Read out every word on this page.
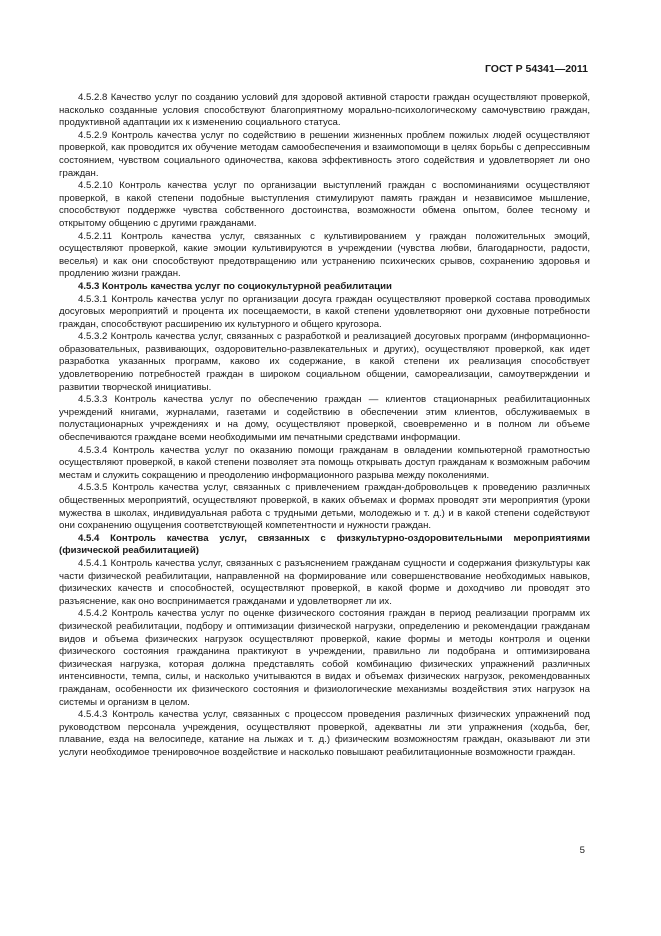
ГОСТ Р 54341—2011

4.5.2.8 Качество услуг по созданию условий для здоровой активной старости граждан осуществляют проверкой, насколько созданные условия способствуют благоприятному морально-психологическому самочувствию граждан, продуктивной адаптации их к изменению социального статуса.

4.5.2.9 Контроль качества услуг по содействию в решении жизненных проблем пожилых людей осуществляют проверкой, как проводится их обучение методам самообеспечения и взаимопомощи в целях борьбы с депрессивным состоянием, чувством социального одиночества, какова эффективность этого содействия и удовлетворяет ли оно граждан.

4.5.2.10 Контроль качества услуг по организации выступлений граждан с воспоминаниями осуществляют проверкой, в какой степени подобные выступления стимулируют память граждан и независимое мышление, способствуют поддержке чувства собственного достоинства, возможности обмена опытом, более тесному и открытому общению с другими гражданами.

4.5.2.11 Контроль качества услуг, связанных с культивированием у граждан положительных эмоций, осуществляют проверкой, какие эмоции культивируются в учреждении (чувства любви, благодарности, радости, веселья) и как они способствуют предотвращению или устранению психических срывов, сохранению здоровья и продлению жизни граждан.

4.5.3 Контроль качества услуг по социокультурной реабилитации

4.5.3.1 Контроль качества услуг по организации досуга граждан осуществляют проверкой состава проводимых досуговых мероприятий и процента их посещаемости, в какой степени удовлетворяют они духовные потребности граждан, способствуют расширению их культурного и общего кругозора.

4.5.3.2 Контроль качества услуг, связанных с разработкой и реализацией досуговых программ (информационно-образовательных, развивающих, оздоровительно-развлекательных и других), осуществляют проверкой, как идет разработка указанных программ, каково их содержание, в какой степени их реализация способствует удовлетворению потребностей граждан в широком социальном общении, самореализации, самоутверждении и развитии творческой инициативы.

4.5.3.3 Контроль качества услуг по обеспечению граждан — клиентов стационарных реабилитационных учреждений книгами, журналами, газетами и содействию в обеспечении этим клиентов, обслуживаемых в полустационарных учреждениях и на дому, осуществляют проверкой, своевременно и в полном ли объеме обеспечиваются граждане всеми необходимыми им печатными средствами информации.

4.5.3.4 Контроль качества услуг по оказанию помощи гражданам в овладении компьютерной грамотностью осуществляют проверкой, в какой степени позволяет эта помощь открывать доступ гражданам к возможным рабочим местам и служить сокращению и преодолению информационного разрыва между поколениями.

4.5.3.5 Контроль качества услуг, связанных с привлечением граждан-добровольцев к проведению различных общественных мероприятий, осуществляют проверкой, в каких объемах и формах проводят эти мероприятия (уроки мужества в школах, индивидуальная работа с трудными детьми, молодежью и т. д.) и в какой степени содействуют они сохранению ощущения соответствующей компетентности и нужности граждан.

4.5.4 Контроль качества услуг, связанных с физкультурно-оздоровительными мероприятиями (физической реабилитацией)

4.5.4.1 Контроль качества услуг, связанных с разъяснением гражданам сущности и содержания физкультуры как части физической реабилитации, направленной на формирование или совершенствование необходимых навыков, физических качеств и способностей, осуществляют проверкой, в какой форме и доходчиво ли проводят это разъяснение, как оно воспринимается гражданами и удовлетворяет ли их.

4.5.4.2 Контроль качества услуг по оценке физического состояния граждан в период реализации программ их физической реабилитации, подбору и оптимизации физической нагрузки, определению и рекомендации гражданам видов и объема физических нагрузок осуществляют проверкой, какие формы и методы контроля и оценки физического состояния гражданина практикуют в учреждении, правильно ли подобрана и оптимизирована физическая нагрузка, которая должна представлять собой комбинацию физических упражнений различных интенсивности, темпа, силы, и насколько учитываются в видах и объемах физических нагрузок, рекомендованных гражданам, особенности их физического состояния и физиологические механизмы воздействия этих нагрузок на системы и организм в целом.

4.5.4.3 Контроль качества услуг, связанных с процессом проведения различных физических упражнений под руководством персонала учреждения, осуществляют проверкой, адекватны ли эти упражнения (ходьба, бег, плавание, езда на велосипеде, катание на лыжах и т. д.) физическим возможностям граждан, оказывают ли эти услуги необходимое тренировочное воздействие и насколько повышают реабилитационные возможности граждан.

5
